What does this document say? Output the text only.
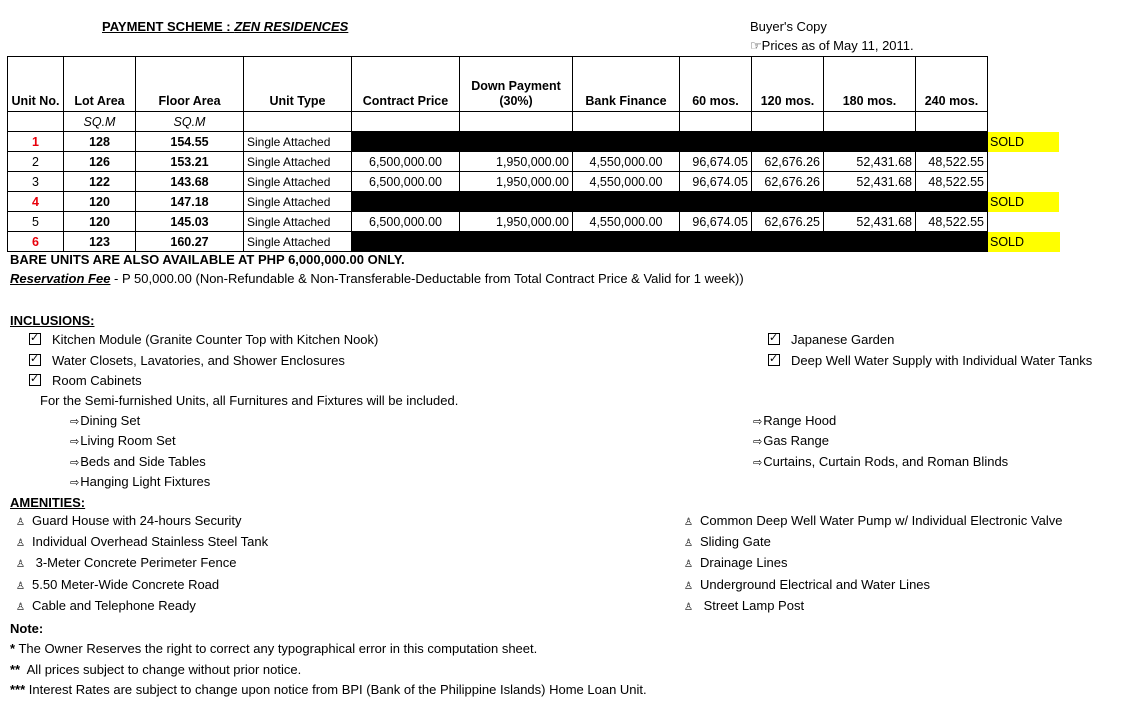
PAYMENT SCHEME : ZEN RESIDENCES	Buyer's Copy
☞Prices as of May 11, 2011.
Unit No.	Lot Area	Floor Area	Unit Type	Contract Price	Down Payment (30%)	Bank Finance	60 mos.	120 mos.	180 mos.	240 mos.	
	SQ.M	SQ.M									
1	128	154.55	Single Attached								SOLD
2	126	153.21	Single Attached	6,500,000.00	1,950,000.00	4,550,000.00	96,674.05	62,676.26	52,431.68	48,522.55	
3	122	143.68	Single Attached	6,500,000.00	1,950,000.00	4,550,000.00	96,674.05	62,676.26	52,431.68	48,522.55	
4	120	147.18	Single Attached								SOLD
5	120	145.03	Single Attached	6,500,000.00	1,950,000.00	4,550,000.00	96,674.05	62,676.25	52,431.68	48,522.55	
6	123	160.27	Single Attached								SOLD
BARE UNITS ARE ALSO AVAILABLE AT PHP 6,000,000.00 ONLY.
Reservation Fee - P 50,000.00 (Non-Refundable & Non-Transferable-Deductable from Total Contract Price & Valid for 1 week))
INCLUSIONS:
✓Kitchen Module (Granite Counter Top with Kitchen Nook)
✓Water Closets, Lavatories, and Shower Enclosures
✓Room Cabinets
✓Japanese Garden
✓Deep Well Water Supply with Individual Water Tanks
For the Semi-furnished Units, all Furnitures and Fixtures will be included.
⇨Dining Set
⇨Living Room Set
⇨Beds and Side Tables
⇨Hanging Light Fixtures
⇨Range Hood
⇨Gas Range
⇨Curtains, Curtain Rods, and Roman Blinds
AMENITIES:
♙ Guard House with 24-hours Security
♙ Individual Overhead Stainless Steel Tank
♙ 3-Meter Concrete Perimeter Fence
♙ 5.50 Meter-Wide Concrete Road
♙ Cable and Telephone Ready
♙ Common Deep Well Water Pump w/ Individual Electronic Valve
♙ Sliding Gate
♙ Drainage Lines
♙ Underground Electrical and Water Lines
♙ Street Lamp Post
Note:
* The Owner Reserves the right to correct any typographical error in this computation sheet.
**  All prices subject to change without prior notice.
*** Interest Rates are subject to change upon notice from BPI (Bank of the Philippine Islands) Home Loan Unit.
